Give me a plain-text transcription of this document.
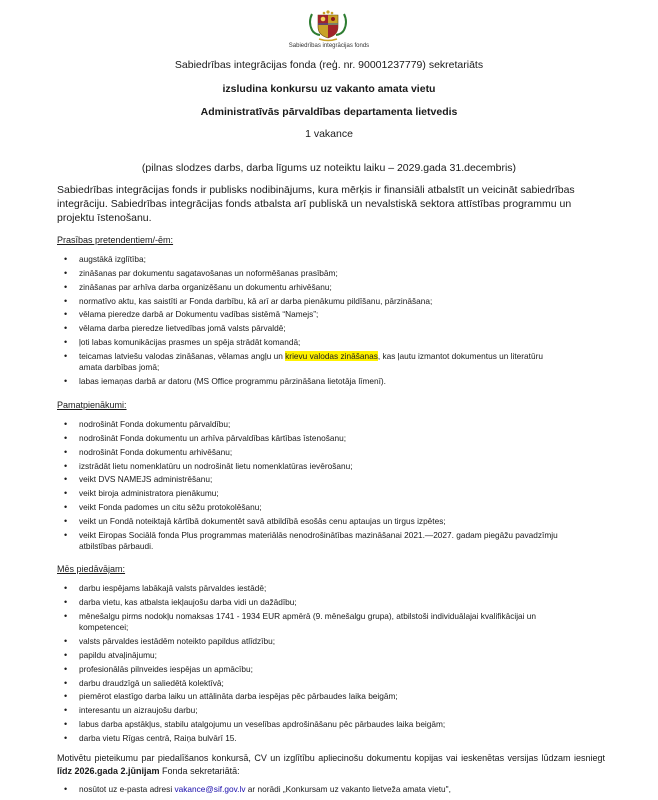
Sabiedrības integrācijas fonds
Sabiedrības integrācijas fonda (reģ. nr. 90001237779) sekretariāts
izsludina konkursu uz vakanto amata vietu
Administratīvās pārvaldības departamenta lietvedis
1 vakance
(pilnas slodzes darbs, darba līgums uz noteiktu laiku – 2029.gada 31.decembris)
Sabiedrības integrācijas fonds ir publisks nodibinājums, kura mērķis ir finansiāli atbalstīt un veicināt sabiedrības integrāciju. Sabiedrības integrācijas fonds atbalsta arī publiskā un nevalstiskā sektora attīstības programmu un projektu īstenošanu.
Prasības pretendentiem/-ēm:
• augstākā izglītība;
• zināšanas par dokumentu sagatavošanas un noformēšanas prasībām;
• zināšanas par arhīva darba organizēšanu un dokumentu arhivēšanu;
• normatīvo aktu, kas saistīti ar Fonda darbību, kā arī ar darba pienākumu pildīšanu, pārzināšana;
• vēlama pieredze darbā ar Dokumentu vadības sistēmā “Namejs”;
• vēlama darba pieredze lietvedības jomā valsts pārvaldē;
• ļoti labas komunikācijas prasmes un spēja strādāt komandā;
• teicamas latviešu valodas zināšanas, vēlamas angļu un krievu valodas zināšanas, kas ļautu izmantot dokumentus un literatūru amata darbības jomā;
• labas iemaņas darbā ar datoru (MS Office programmu pārzināšana lietotāja līmenī).
Pamatpienākumi:
• nodrošināt Fonda dokumentu pārvaldību;
• nodrošināt Fonda dokumentu un arhīva pārvaldības kārtības īstenošanu;
• nodrošināt Fonda dokumentu arhivēšanu;
• izstrādāt lietu nomenklatūru un nodrošināt lietu nomenklatūras ievērošanu;
• veikt DVS NAMEJS administrēšanu;
• veikt biroja administratora pienākumu;
• veikt Fonda padomes un citu sēžu protokolēšanu;
• veikt un Fondā noteiktajā kārtībā dokumentēt savā atbildībā esošās cenu aptaujas un tirgus izpētes;
• veikt Eiropas Sociālā fonda Plus programmas materiālās nenodrošinātības mazināšanai 2021.—2027. gadam piegāžu pavadzīmju atbilstības pārbaudi.
Mēs piedāvājam:
• darbu iespējams labākajā valsts pārvaldes iestādē;
• darba vietu, kas atbalsta iekļaujošu darba vidi un dažādību;
• mēnešalgu pirms nodokļu nomaksas 1741 - 1934 EUR apmērā (9. mēnešalgu grupa), atbilstoši individuālajai kvalifikācijai un kompetencei;
• valsts pārvaldes iestādēm noteikto papildus atlīdzību;
• papildu atvaļinājumu;
• profesionālās pilnveides iespējas un apmācību;
• darbu draudzīgā un saliedētā kolektīvā;
• piemērot elastīgo darba laiku un attālināta darba iespējas pēc pārbaudes laika beigām;
• interesantu un aizraujošu darbu;
• labus darba apstākļus, stabilu atalgojumu un veselības apdrošināšanu pēc pārbaudes laika beigām;
• darba vietu Rīgas centrā, Raiņa bulvārī 15.
Motivētu pieteikumu par piedalīšanos konkursā, CV un izglītību apliecinošu dokumentu kopijas vai ieskenētas versijas lūdzam iesniegt līdz 2026.gada 2.jūnijam Fonda sekretariātā:
• nosūtot uz e-pasta adresi vakance@sif.gov.lv ar norādi „Konkursam uz vakanto lietveža amata vietu",
